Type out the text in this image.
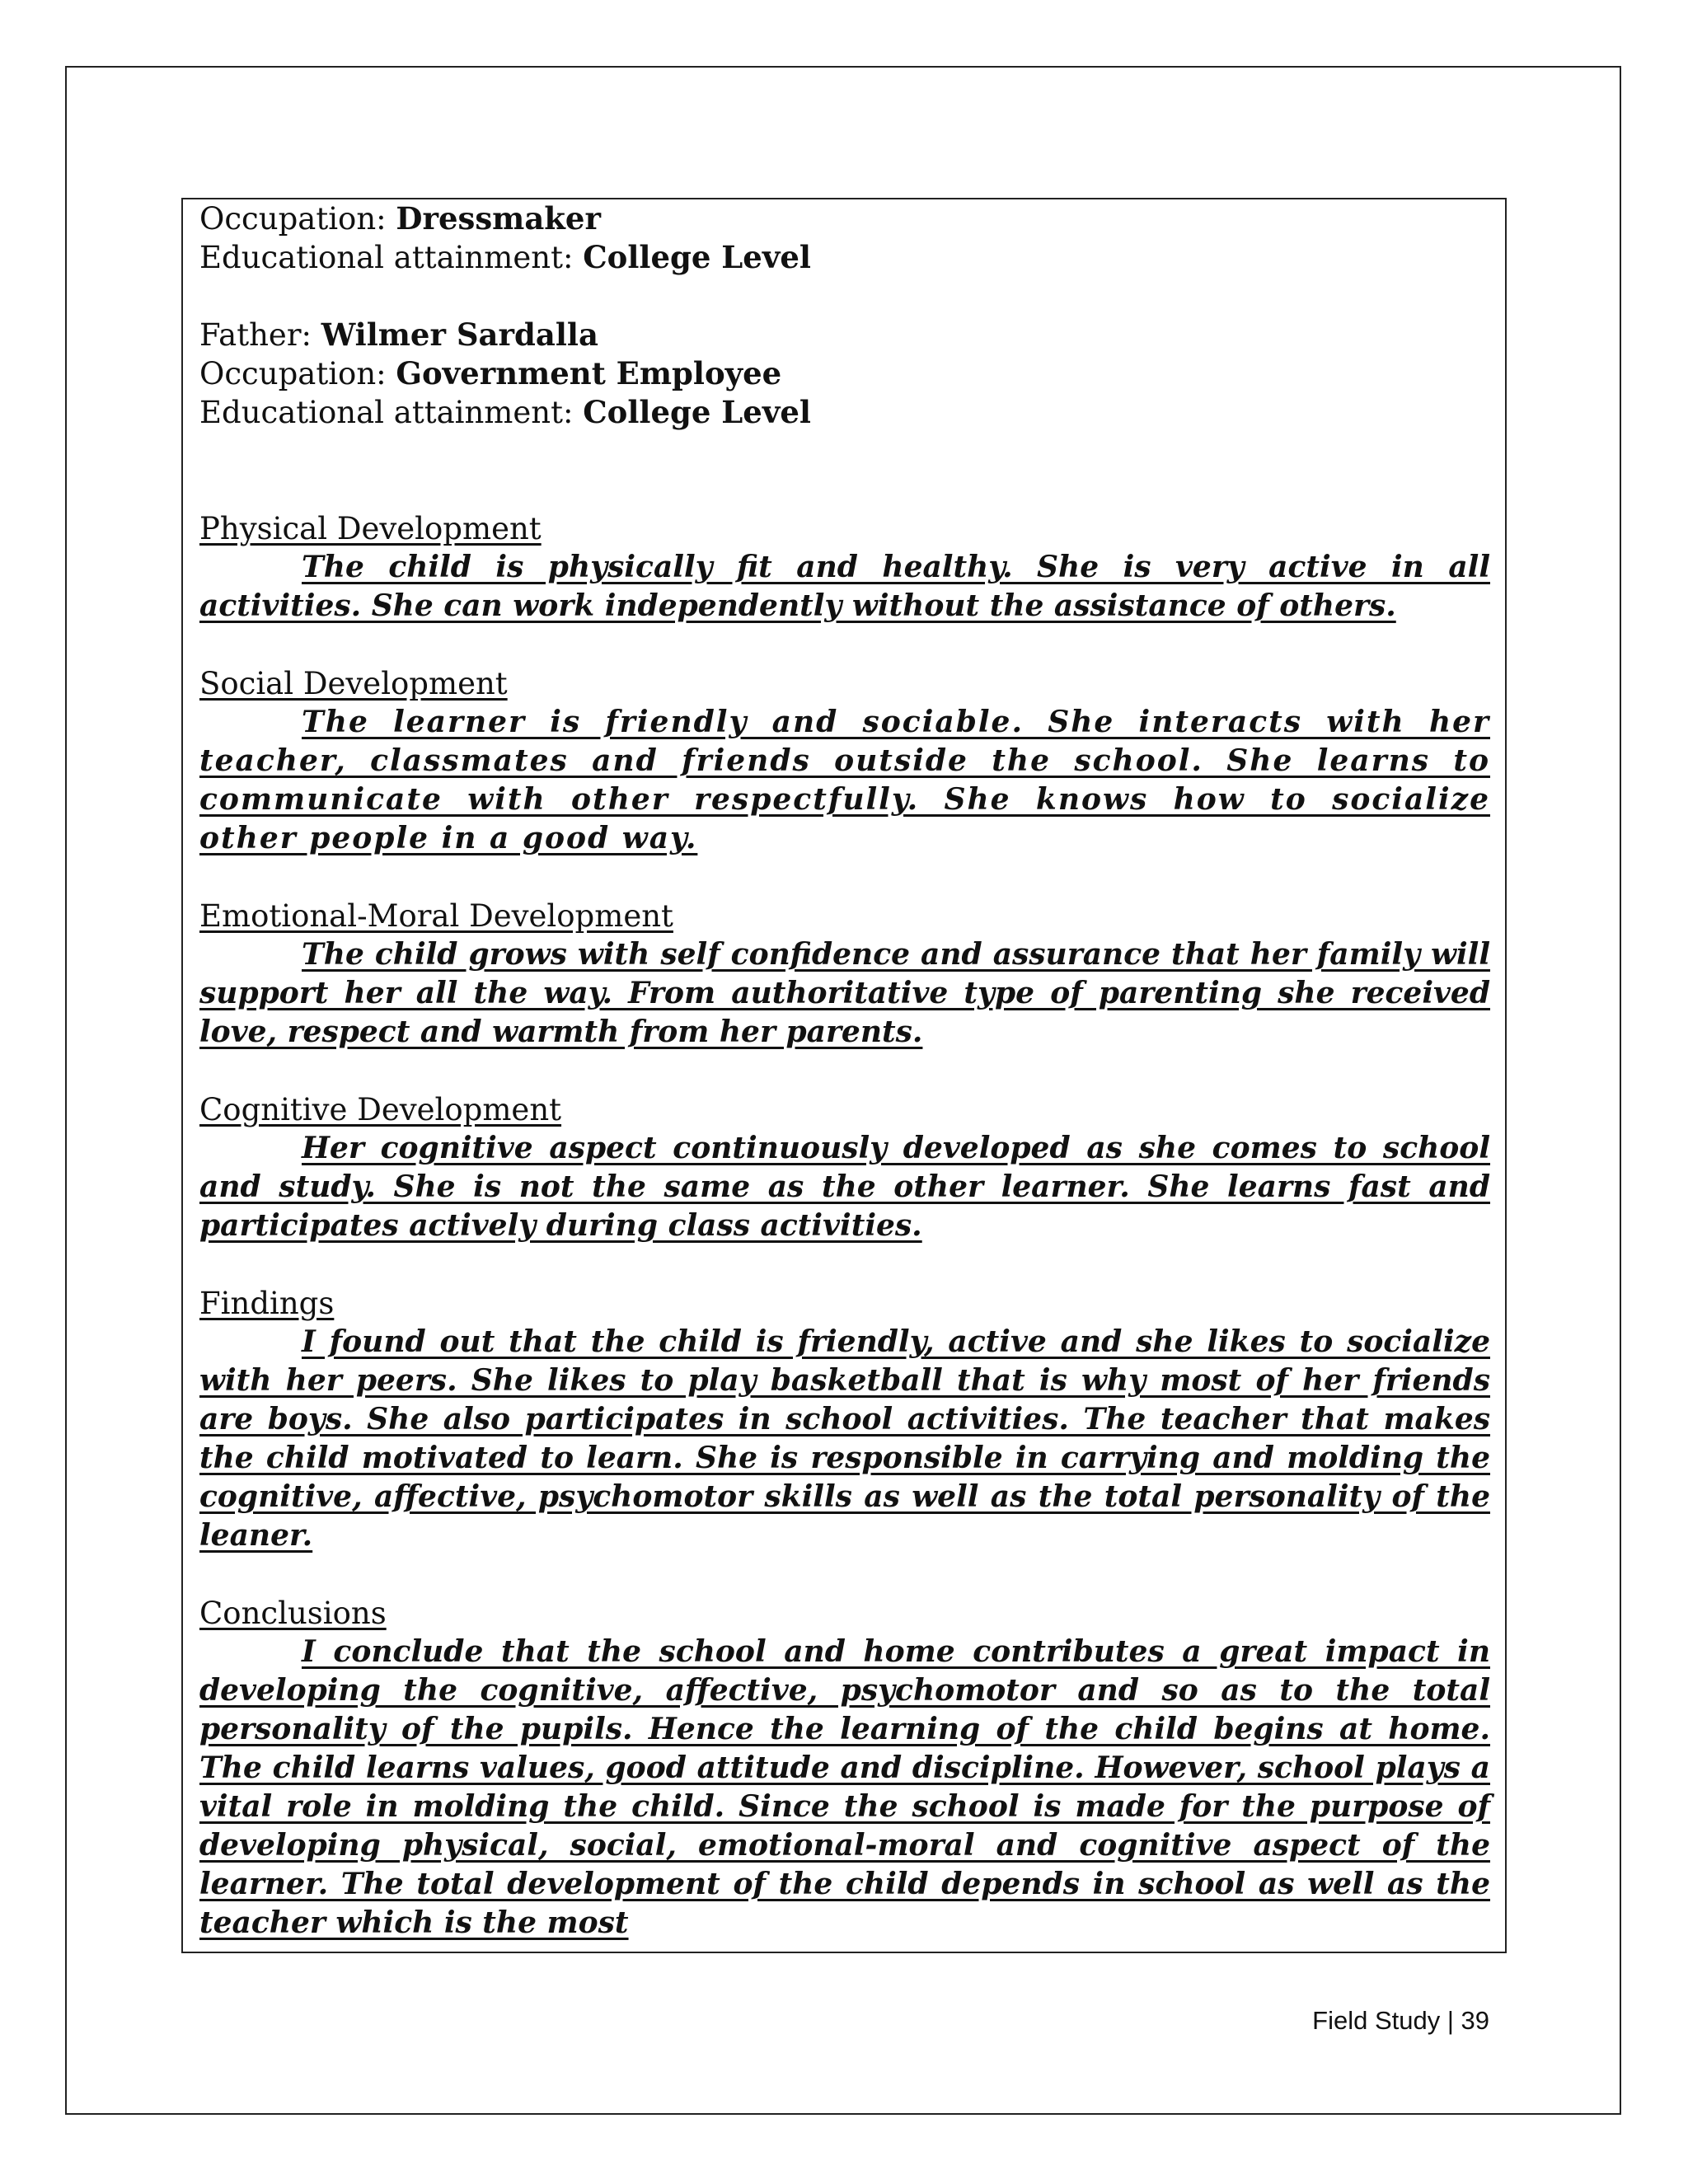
Occupation: Dressmaker
Educational attainment: College Level
Father: Wilmer Sardalla
Occupation: Government Employee
Educational attainment: College Level
Physical Development

The child is physically fit and healthy. She is very active in all activities. She can work independently without the assistance of others.

Social Development

The learner is friendly and sociable. She interacts with her teacher, classmates and friends outside the school. She learns to communicate with other respectfully. She knows how to socialize other people in a good way.

Emotional-Moral Development

The child grows with self confidence and assurance that her family will support her all the way. From authoritative type of parenting she received love, respect and warmth from her parents.

Cognitive Development

Her cognitive aspect continuously developed as she comes to school and study. She is not the same as the other learner. She learns fast and participates actively during class activities.

Findings

I found out that the child is friendly, active and she likes to socialize with her peers. She likes to play basketball that is why most of her friends are boys. She also participates in school activities. The teacher that makes the child motivated to learn. She is responsible in carrying and molding the cognitive, affective, psychomotor skills as well as the total personality of the leaner.

Conclusions

I conclude that the school and home contributes a great impact in developing the cognitive, affective, psychomotor and so as to the total personality of the pupils. Hence the learning of the child begins at home. The child learns values, good attitude and discipline. However, school plays a vital role in molding the child. Since the school is made for the purpose of developing physical, social, emotional-moral and cognitive aspect of the learner. The total development of the child depends in school as well as the teacher which is the most

Field Study | 39
